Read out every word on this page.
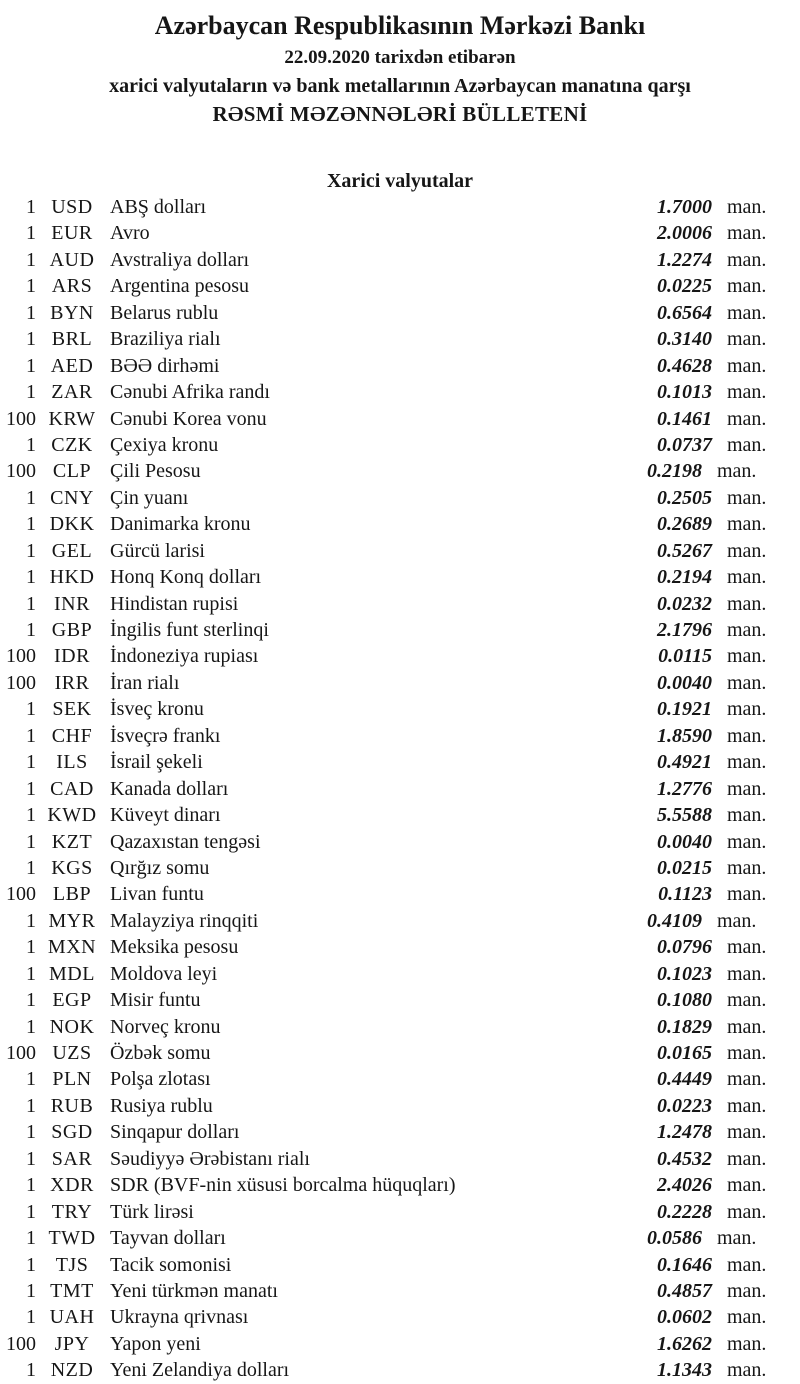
Azərbaycan Respublikasının Mərkəzi Bankı
22.09.2020 tarixdən etibarən
xarici valyutaların və bank metallarının Azərbaycan manatına qarşı
RƏSMİ MƏZƏNNƏLƏRİ BÜLLETENİ
Xarici valyutalar
1 USD ABŞ dolları	1.7000 man.
1 EUR Avro	2.0006 man.
1 AUD Avstraliya dolları	1.2274 man.
1 ARS Argentina pesosu	0.0225 man.
1 BYN Belarus rublu	0.6564 man.
1 BRL Braziliya rialı	0.3140 man.
1 AED BƏƏ dirhəmi	0.4628 man.
1 ZAR Cənubi Afrika randı	0.1013 man.
100 KRW Cənubi Korea vonu	0.1461 man.
1 CZK Çexiya kronu	0.0737 man.
100 CLP Çili Pesosu	0.2198 man.
1 CNY Çin yuanı	0.2505 man.
1 DKK Danimarka kronu	0.2689 man.
1 GEL Gürcü larisi	0.5267 man.
1 HKD Honq Konq dolları	0.2194 man.
1 INR	Hindistan rupisi	0.0232 man.
1 GBP İngilis funt sterlinqi	2.1796 man.
100 IDR	İndoneziya rupiası	0.0115 man.
100 IRR	İran rialı	0.0040 man.
1 SEK İsveç kronu	0.1921 man.
1 CHF İsveçrə frankı	1.8590 man.
1	ILS	İsrail şekeli	0.4921 man.
1 CAD Kanada dolları	1.2776 man.
1 KWD Küveyt dinarı	5.5588 man.
1 KZT Qazaxıstan tengəsi	0.0040 man.
1 KGS Qırğız somu	0.0215 man.
100 LBP Livan funtu	0.1123 man.
1 MYR Malayziya rinqqiti	0.4109 man.
1 MXN Meksika pesosu	0.0796 man.
1 MDL Moldova leyi	0.1023 man.
1 EGP Misir funtu	0.1080 man.
1 NOK Norveç kronu	0.1829 man.
100 UZS Özbək somu	0.0165 man.
1 PLN Polşa zlotası	0.4449 man.
1 RUB Rusiya rublu	0.0223 man.
1 SGD Sinqapur dolları	1.2478 man.
1 SAR Səudiyyə Ərəbistanı rialı	0.4532 man.
1 XDR SDR (BVF-nin xüsusi borcalma hüquqları)	2.4026 man.
1 TRY Türk lirəsi	0.2228 man.
1 TWD Tayvan dolları	0.0586 man.
1 TJS	Tacik somonisi	0.1646 man.
1 TMT Yeni türkmən manatı	0.4857 man.
1 UAH Ukrayna qrivnası	0.0602 man.
100 JPY	Yapon yeni	1.6262 man.
1 NZD Yeni Zelandiya dolları	1.1343 man.
